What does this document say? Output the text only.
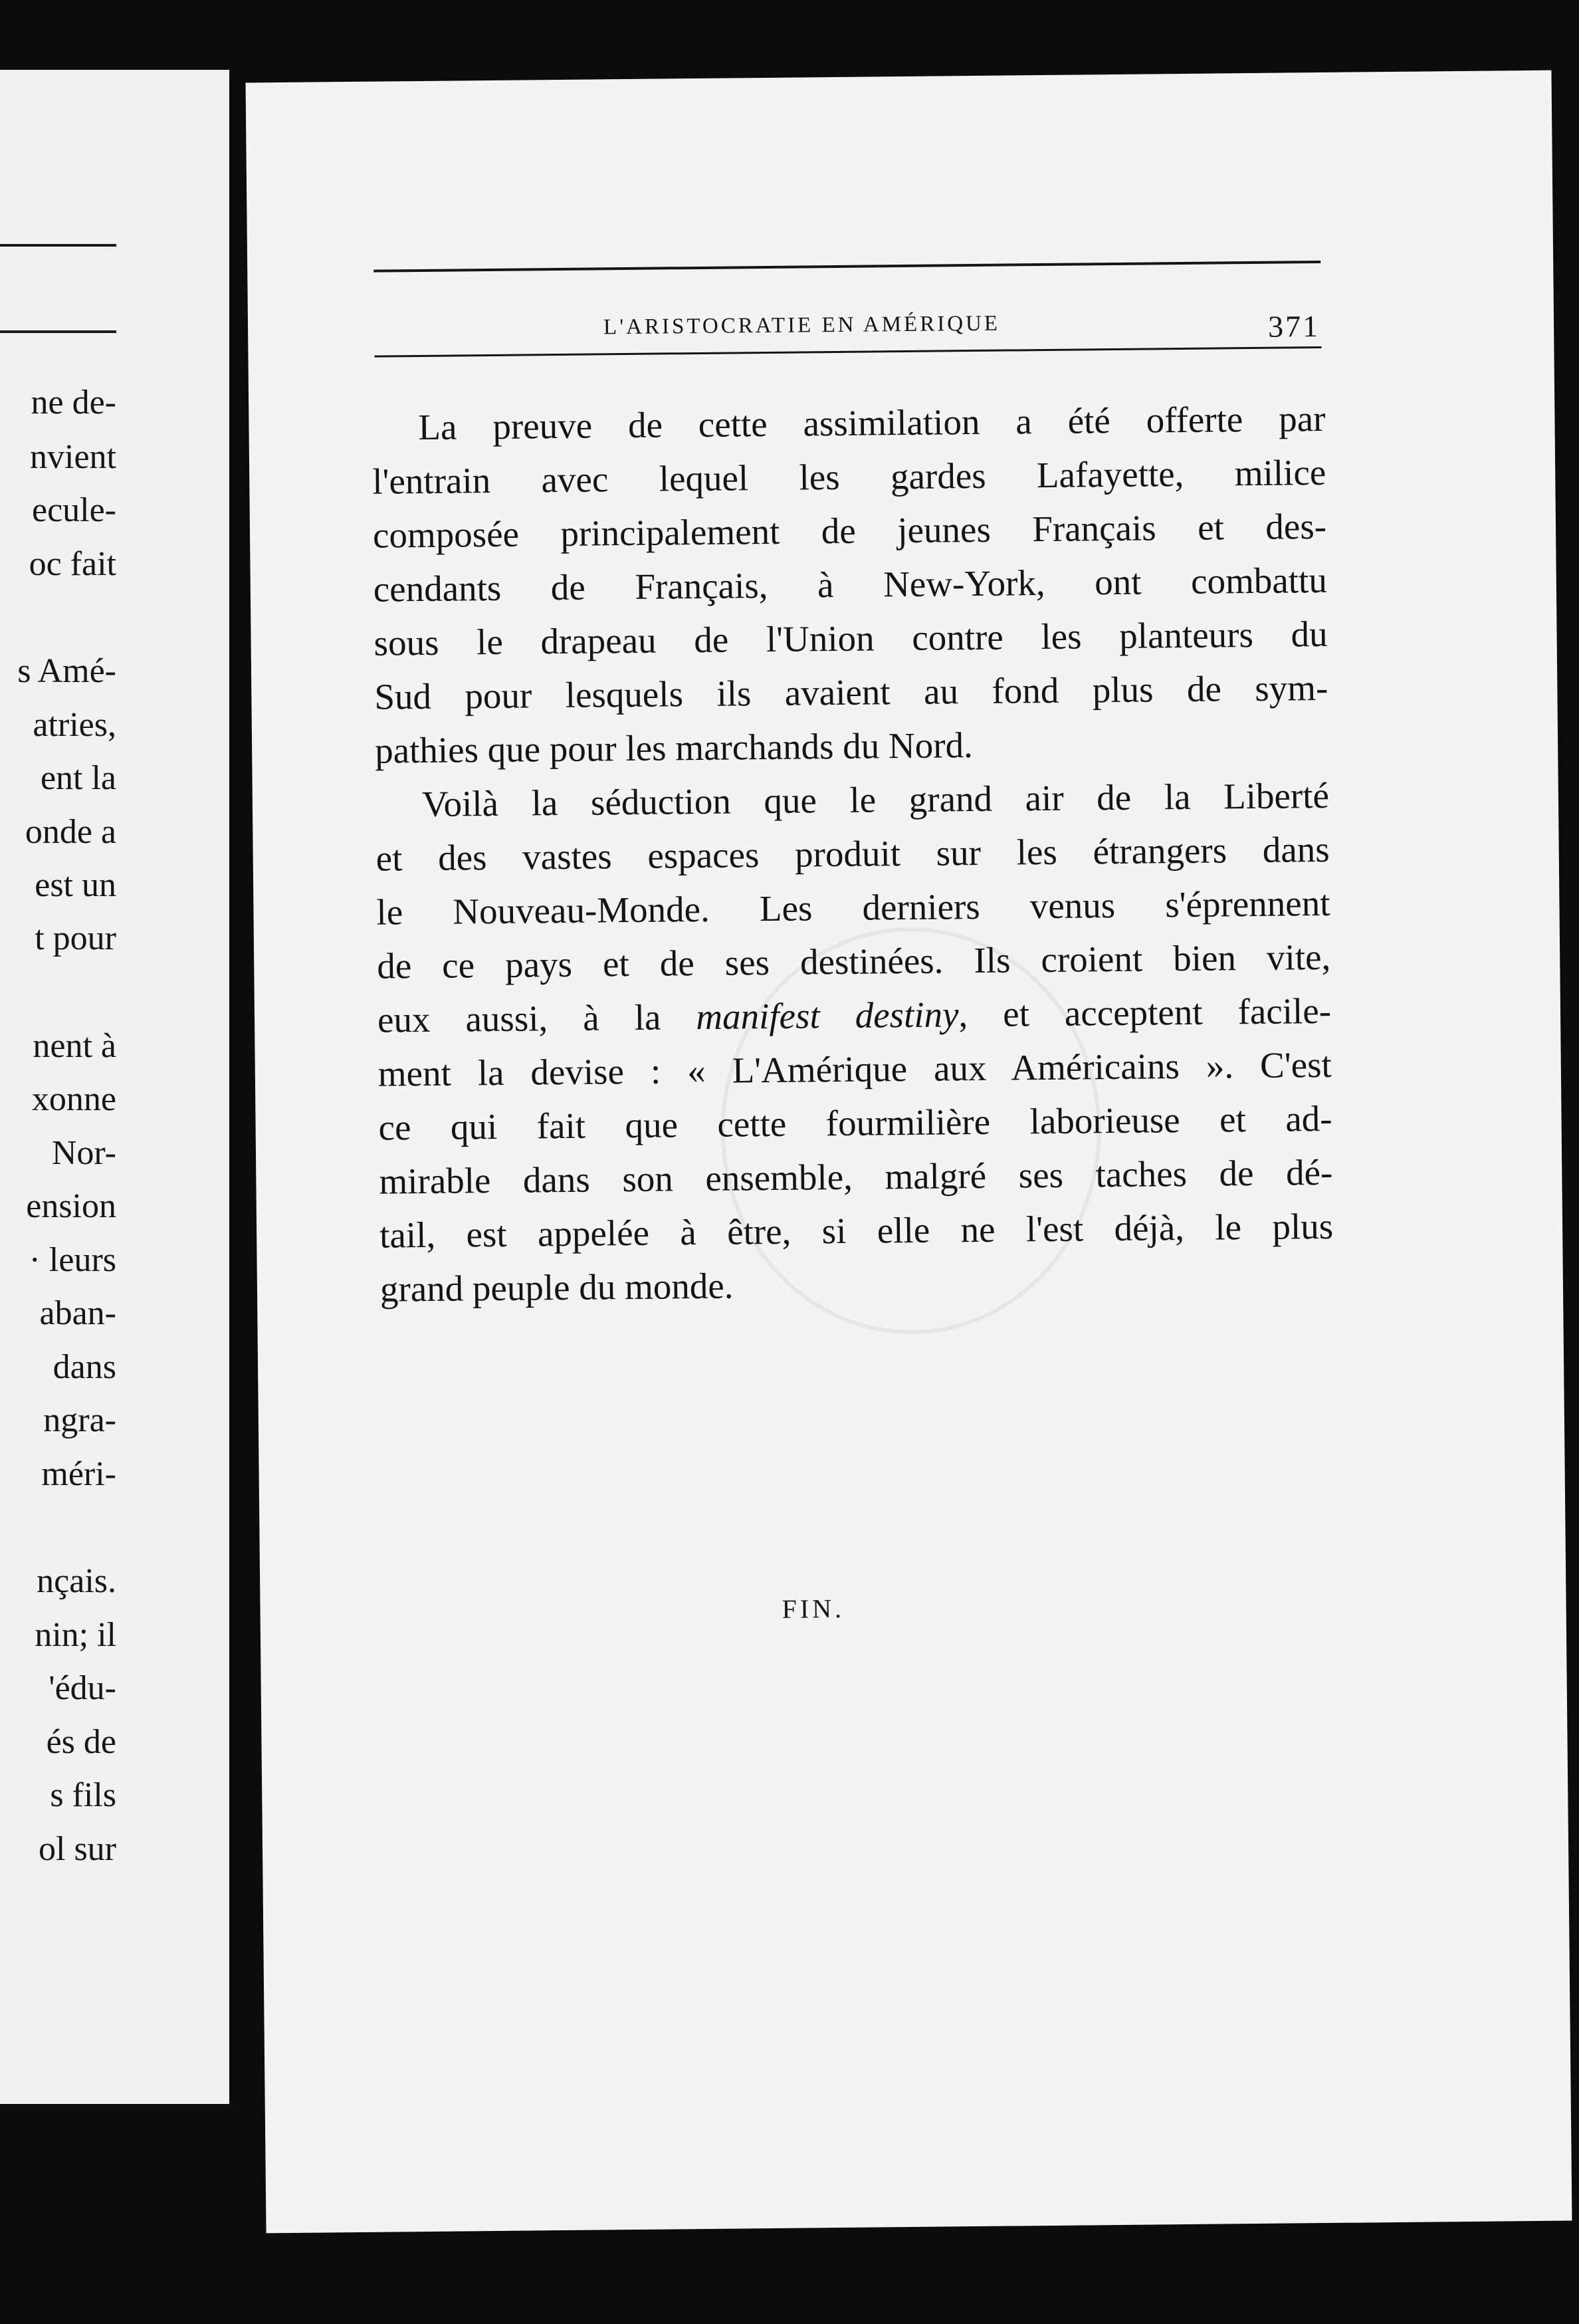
ne de-
nvient
ecule-
oc fait
s Amé-
atries,
ent la
onde a
est un
t pour
nent à
xonne
Nor-
ension
· leurs
aban-
dans
ngra-
méri-
nçais.
nin; il
'édu-
és de
s fils
ol sur
L'ARISTOCRATIE EN AMÉRIQUE	371

La preuve de cette assimilation a été offerte par
l'entrain avec lequel les gardes Lafayette, milice
composée principalement de jeunes Français et des-
cendants de Français, à New-York, ont combattu
sous le drapeau de l'Union contre les planteurs du
Sud pour lesquels ils avaient au fond plus de sym-
pathies que pour les marchands du Nord.

Voilà la séduction que le grand air de la Liberté
et des vastes espaces produit sur les étrangers dans
le Nouveau-Monde. Les derniers venus s'éprennent
de ce pays et de ses destinées. Ils croient bien vite,
eux aussi, à la manifest destiny, et acceptent facile-
ment la devise : « L'Amérique aux Américains ». C'est
ce qui fait que cette fourmilière laborieuse et ad-
mirable dans son ensemble, malgré ses taches de dé-
tail, est appelée à être, si elle ne l'est déjà, le plus
grand peuple du monde.

FIN.
